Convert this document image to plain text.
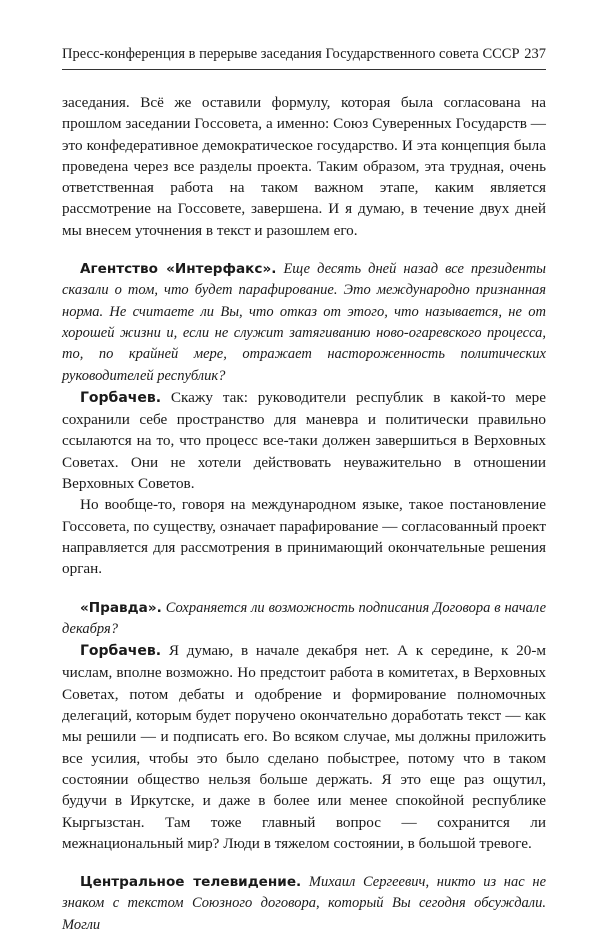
Пресс-конференция в перерыве заседания Государственного совета СССР 237

заседания. Всё же оставили формулу, которая была согласована на прошлом заседании Госсовета, а именно: Союз Суверенных Государств — это конфедеративное демократическое государство. И эта концепция была проведена через все разделы проекта. Таким образом, эта трудная, очень ответственная работа на таком важном этапе, каким является рассмотрение на Госсовете, завершена. И я думаю, в течение двух дней мы внесем уточнения в текст и разошлем его.

Агентство «Интерфакс». Еще десять дней назад все президенты сказали о том, что будет парафирование. Это международно признанная норма. Не считаете ли Вы, что отказ от этого, что называется, не от хорошей жизни и, если не служит затягиванию ново-огаревского процесса, то, по крайней мере, отражает настороженность политических руководителей республик?

Горбачев. Скажу так: руководители республик в какой-то мере сохранили себе пространство для маневра и политически правильно ссылаются на то, что процесс все-таки должен завершиться в Верховных Советах. Они не хотели действовать неуважительно в отношении Верховных Советов.

Но вообще-то, говоря на международном языке, такое постановление Госсовета, по существу, означает парафирование — согласованный проект направляется для рассмотрения в принимающий окончательные решения орган.

«Правда». Сохраняется ли возможность подписания Договора в начале декабря?

Горбачев. Я думаю, в начале декабря нет. А к середине, к 20-м числам, вполне возможно. Но предстоит работа в комитетах, в Верховных Советах, потом дебаты и одобрение и формирование полномочных делегаций, которым будет поручено окончательно доработать текст — как мы решили — и подписать его. Во всяком случае, мы должны приложить все усилия, чтобы это было сделано побыстрее, потому что в таком состоянии общество нельзя больше держать. Я это еще раз ощутил, будучи в Иркутске, и даже в более или менее спокойной республике Кыргызстан. Там тоже главный вопрос — сохранится ли межнациональный мир? Люди в тяжелом состоянии, в большой тревоге.

Центральное телевидение. Михаил Сергеевич, никто из нас не знаком с текстом Союзного договора, который Вы сегодня обсуждали. Могли
